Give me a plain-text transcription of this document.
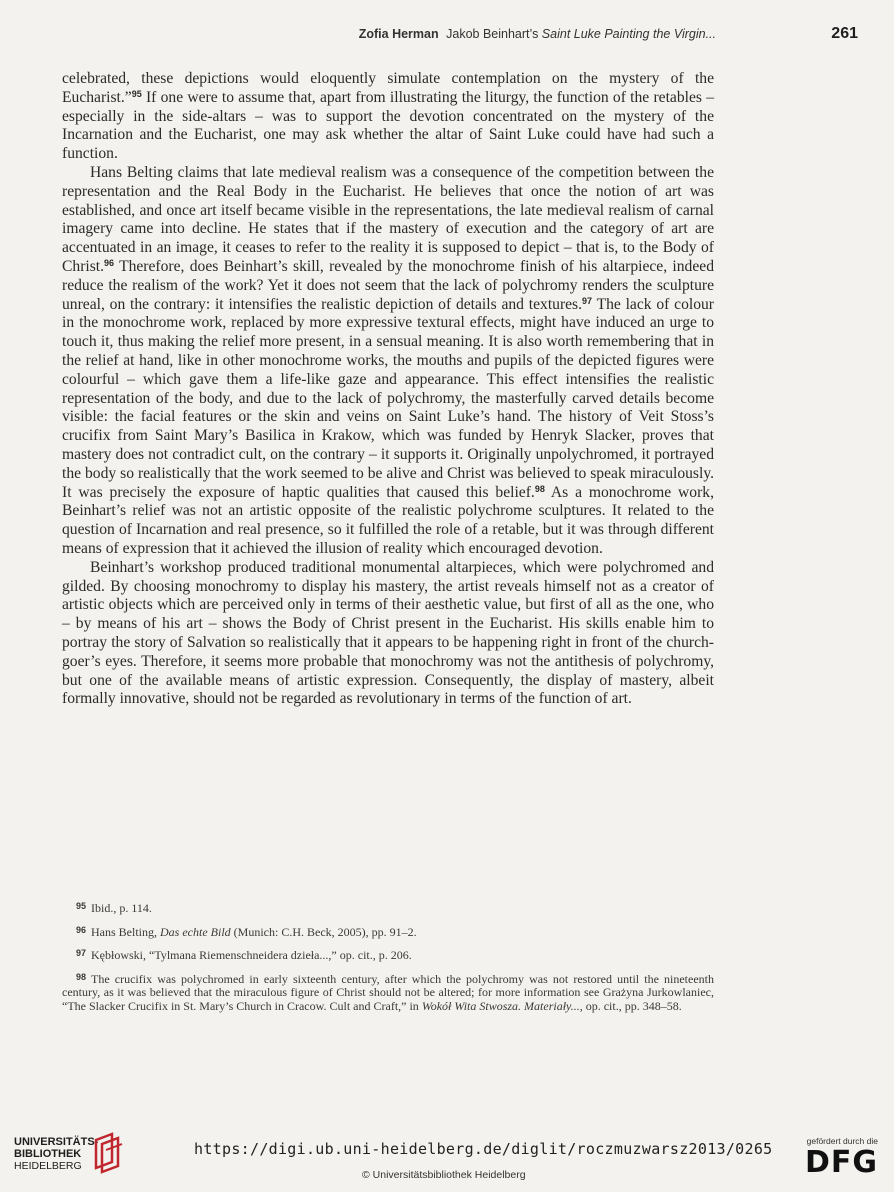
Zofia Herman Jakob Beinhart’s Saint Luke Painting the Virgin...	261

celebrated, these depictions would eloquently simulate contemplation on the mystery of the Eucharist.”$^{95}$ If one were to assume that, apart from illustrating the liturgy, the function of the retables – especially in the side-altars – was to support the devotion concentrated on the mystery of the Incarnation and the Eucharist, one may ask whether the altar of Saint Luke could have had such a function.

Hans Belting claims that late medieval realism was a consequence of the competition between the representation and the Real Body in the Eucharist. He believes that once the notion of art was established, and once art itself became visible in the representations, the late medieval realism of carnal imagery came into decline. He states that if the mastery of execution and the category of art are accentuated in an image, it ceases to refer to the reality it is supposed to depict – that is, to the Body of Christ.$^{96}$ Therefore, does Beinhart’s skill, revealed by the monochrome finish of his altarpiece, indeed reduce the realism of the work? Yet it does not seem that the lack of polychromy renders the sculpture unreal, on the contrary: it intensifies the realistic depiction of details and textures.$^{97}$ The lack of colour in the monochrome work, replaced by more expressive textural effects, might have induced an urge to touch it, thus making the relief more present, in a sensual meaning. It is also worth remembering that in the relief at hand, like in other monochrome works, the mouths and pupils of the depicted figures were colourful – which gave them a life-like gaze and appearance. This effect intensifies the realistic representation of the body, and due to the lack of polychromy, the masterfully carved details become visible: the facial features or the skin and veins on Saint Luke’s hand. The history of Veit Stoss’s crucifix from Saint Mary’s Basilica in Krakow, which was funded by Henryk Slacker, proves that mastery does not contradict cult, on the contrary – it supports it. Originally unpolychromed, it portrayed the body so realistically that the work seemed to be alive and Christ was believed to speak miraculously. It was precisely the exposure of haptic qualities that caused this belief.$^{98}$ As a monochrome work, Beinhart’s relief was not an artistic opposite of the realistic polychrome sculptures. It related to the question of Incarnation and real presence, so it fulfilled the role of a retable, but it was through different means of expression that it achieved the illusion of reality which encouraged devotion.

Beinhart’s workshop produced traditional monumental altarpieces, which were polychromed and gilded. By choosing monochromy to display his mastery, the artist reveals himself not as a creator of artistic objects which are perceived only in terms of their aesthetic value, but first of all as the one, who – by means of his art – shows the Body of Christ present in the Eucharist. His skills enable him to portray the story of Salvation so realistically that it appears to be happening right in front of the church-goer’s eyes. Therefore, it seems more probable that monochromy was not the antithesis of polychromy, but one of the available means of artistic expression. Consequently, the display of mastery, albeit formally innovative, should not be regarded as revolutionary in terms of the function of art.

$^{95}$ Ibid., p. 114.

$^{96}$ Hans Belting, Das echte Bild (Munich: C.H. Beck, 2005), pp. 91–2.

$^{97}$ Kębłowski, “Tylmana Riemenschneidera dzieła...,” op. cit., p. 206.

$^{98}$ The crucifix was polychromed in early sixteenth century, after which the polychromy was not restored until the nineteenth century, as it was believed that the miraculous figure of Christ should not be altered; for more information see Grażyna Jurkowlaniec, “The Slacker Crucifix in St. Mary’s Church in Cracow. Cult and Craft,” in Wokół Wita Stwosza. Materiały..., op. cit., pp. 348–58.

UNIVERSITÄTS-
BIBLIOTHEK
HEIDELBERG
https://digi.ub.uni-heidelberg.de/diglit/roczmuzwarsz2013/0265
© Universitätsbibliothek Heidelberg
gefördert durch die
DFG
